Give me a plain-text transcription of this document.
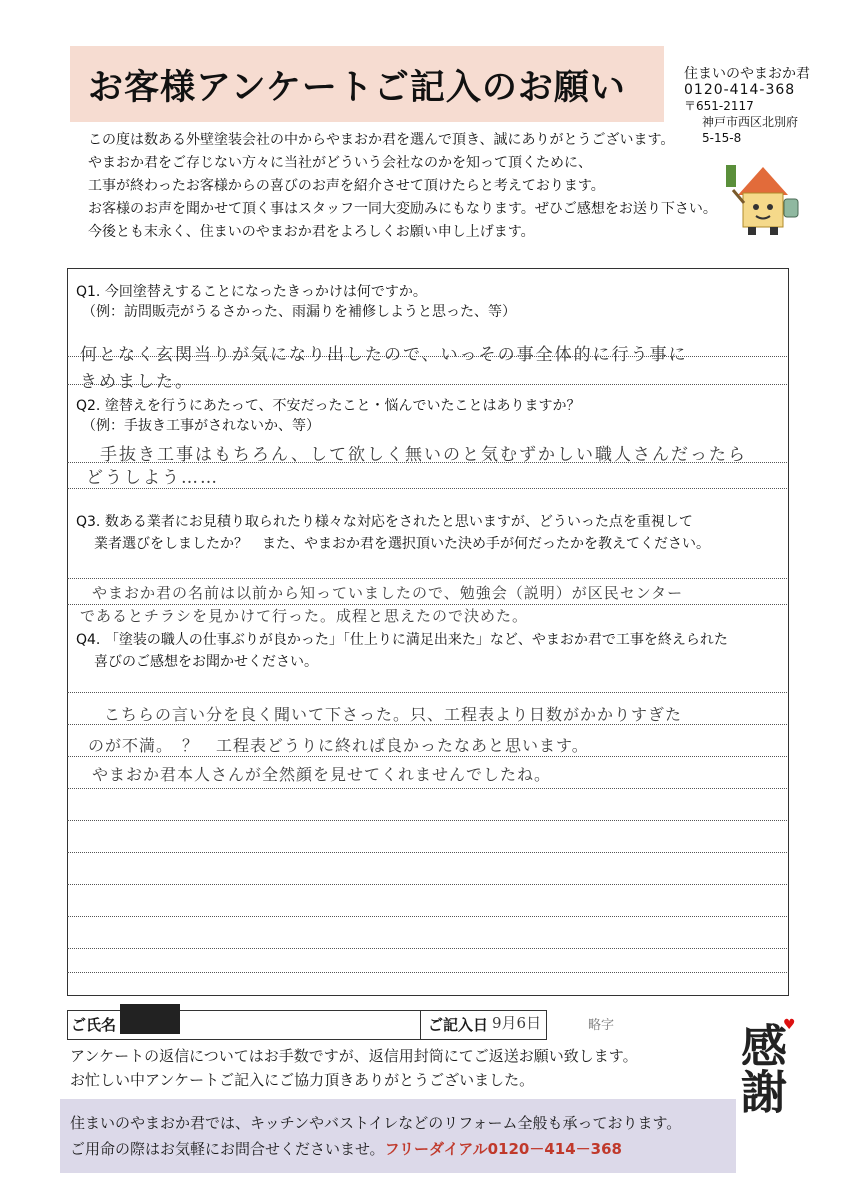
お客様アンケートご記入のお願い	住まいのやまおか君
0120-414-368
〒651-2117
神戸市西区北別府
5-15-8
この度は数ある外壁塗装会社の中からやまおか君を選んで頂き、誠にありがとうございます。
やまおか君をご存じない方々に当社がどういう会社なのかを知って頂くために、
工事が終わったお客様からの喜びのお声を紹介させて頂けたらと考えております。
お客様のお声を聞かせて頂く事はスタッフ一同大変励みにもなります。ぜひご感想をお送り下さい。
今後とも末永く、住まいのやまおか君をよろしくお願い申し上げます。
Q1. 今回塗替えすることになったきっかけは何ですか。
（例：訪問販売がうるさかった、雨漏りを補修しようと思った、等）
何となく玄関当りが気になり出したので、いっその事全体的に行う事に
きめました。
Q2. 塗替えを行うにあたって、不安だったこと・悩んでいたことはありますか？
（例：手抜き工事がされないか、等）
手抜き工事はもちろん、して欲しく無いのと気むずかしい職人さんだったら
どうしよう……
Q3. 数ある業者にお見積り取られたり様々な対応をされたと思いますが、どういった点を重視して
業者選びをしましたか？　また、やまおか君を選択頂いた決め手が何だったかを教えてください。
やまおか君の名前は以前から知っていましたので、勉強会（説明）が区民センター
であるとチラシを見かけて行った。成程と思えたので決めた。
Q4. 「塗装の職人の仕事ぶりが良かった」「仕上りに満足出来た」など、やまおか君で工事を終えられた
喜びのご感想をお聞かせください。
こちらの言い分を良く聞いて下さった。只、工程表より日数がかかりすぎた
のが不満。　？　工程表どうりに終れば良かったなあと思います。
やまおか君本人さんが全然顔を見せてくれませんでしたね。
ご氏名	ご記入日 9月6日	略字
アンケートの返信についてはお手数ですが、返信用封筒にてご返送お願い致します。
お忙しい中アンケートご記入にご協力頂きありがとうございました。
住まいのやまおか君では、キッチンやバストイレなどのリフォーム全般も承っております。
ご用命の際はお気軽にお問合せくださいませ。フリーダイアル0120－414－368
♥
感謝
